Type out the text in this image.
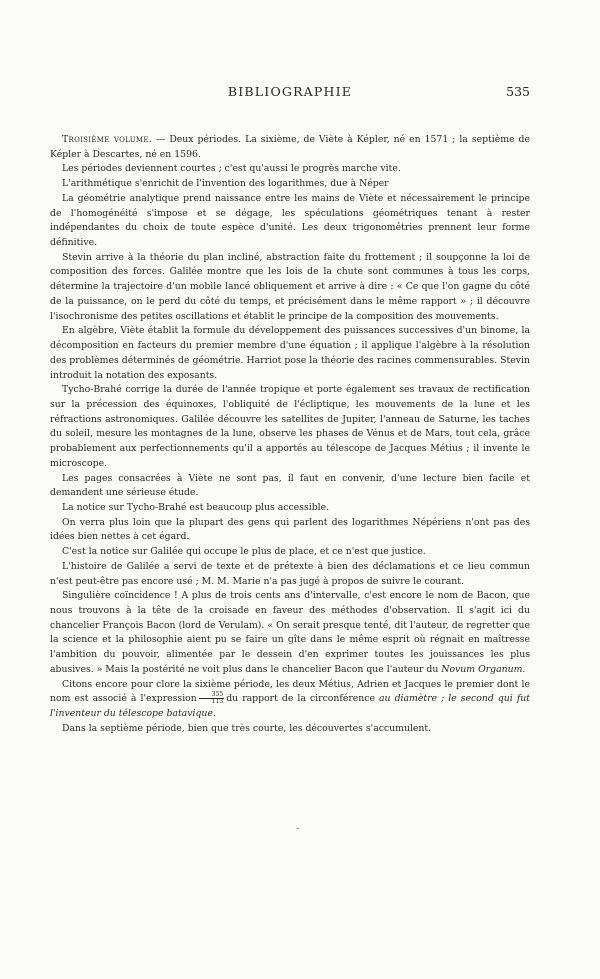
BIBLIOGRAPHIE	535

Troisième volume. — Deux périodes. La sixième, de Viète à Képler, né en 1571 ; la septième de Képler à Descartes, né en 1596.

Les périodes deviennent courtes ; c'est qu'aussi le progrès marche vite.

L'arithmétique s'enrichit de l'invention des logarithmes, due à Néper

La géométrie analytique prend naissance entre les mains de Viète et nécessairement le principe de l'homogénéité s'impose et se dégage, les spéculations géométriques tenant à rester indépendantes du choix de toute espèce d'unité. Les deux trigonométries prennent leur forme définitive.

Stevin arrive à la théorie du plan incliné, abstraction faite du frottement ; il soupçonne la loi de composition des forces. Galilée montre que les lois de la chute sont communes à tous les corps, détermine la trajectoire d'un mobile lancé obliquement et arrive à dire : « Ce que l'on gagne du côté de la puissance, on le perd du côté du temps, et précisément dans le même rapport » ; il découvre l'isochronisme des petites oscillations et établit le principe de la composition des mouvements.

En algèbre, Viète établit la formule du développement des puissances successives d'un binome, la décomposition en facteurs du premier membre d'une équation ; il applique l'algèbre à la résolution des problèmes déterminés de géométrie. Harriot pose la théorie des racines commensurables. Stevin introduit la notation des exposants.

Tycho-Brahé corrige la durée de l'année tropique et porte également ses travaux de rectification sur la précession des équinoxes, l'obliquité de l'écliptique, les mouvements de la lune et les réfractions astronomiques. Galilée découvre les satellites de Jupiter, l'anneau de Saturne, les taches du soleil, mesure les montagnes de la lune, observe les phases de Vénus et de Mars, tout cela, grâce probablement aux perfectionnements qu'il a apportés au télescope de Jacques Métius ; il invente le microscope.

Les pages consacrées à Viète ne sont pas, il faut en convenir, d'une lecture bien facile et demandent une sérieuse étude.

La notice sur Tycho-Brahé est beaucoup plus accessible.

On verra plus loin que la plupart des gens qui parlent des logarithmes Népériens n'ont pas des idées bien nettes à cet égard.

C'est la notice sur Galilée qui occupe le plus de place, et ce n'est que justice.

L'histoire de Galilée a servi de texte et de prétexte à bien des déclamations et ce lieu commun n'est peut-être pas encore usé ; M. M. Marie n'a pas jugé à propos de suivre le courant.

Singulière coïncidence ! A plus de trois cents ans d'intervalle, c'est encore le nom de Bacon, que nous trouvons à la tête de la croisade en faveur des méthodes d'observation. Il s'agit ici du chancelier François Bacon (lord de Verulam). « On serait presque tenté, dit l'auteur, de regretter que la science et la philosophie aient pu se faire un gîte dans le même esprit où régnait en maîtresse l'ambition du pouvoir, alimentée par le dessein d'en exprimer toutes les jouissances les plus abusives. » Mais la postérité ne voit plus dans le chancelier Bacon que l'auteur du Novum Organum.

Citons encore pour clore la sixième période, les deux Métius, Adrien et Jacques le premier dont le nom est associé à l'expression $\frac{355}{113}$ du rapport de la circonférence au diamètre ; le second qui fut l'inventeur du télescope batavique.

Dans la septième période, bien que très courte, les découvertes s'accumulent.
